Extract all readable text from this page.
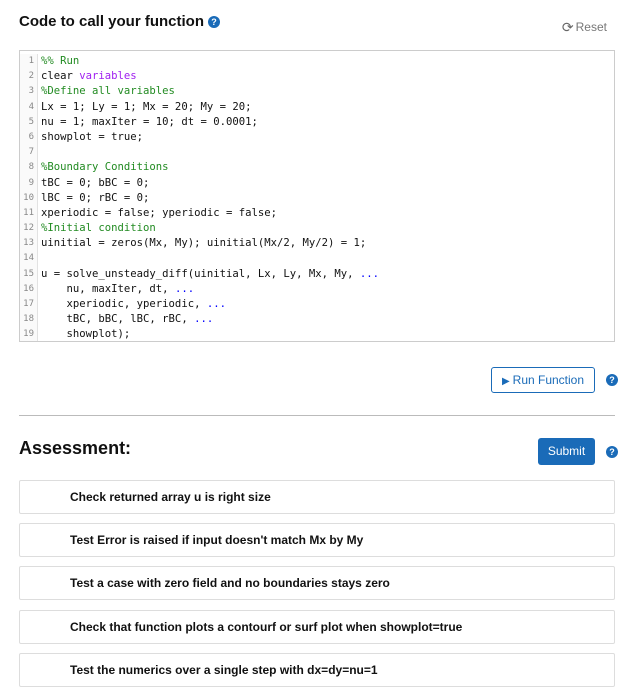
Code to call your function ?	⟳ Reset
1 %% Run
2 clear variables
3 %Define all variables
4 Lx = 1; Ly = 1; Mx = 20; My = 20;
5 nu = 1; maxIter = 10; dt = 0.0001;
6 showplot = true;
7
8 %Boundary Conditions
9 tBC = 0; bBC = 0;
10 lBC = 0; rBC = 0;
11 xperiodic = false; yperiodic = false;
12 %Initial condition
13 uinitial = zeros(Mx, My); uinitial(Mx/2, My/2) = 1;
14
15 u = solve_unsteady_diff(uinitial, Lx, Ly, Mx, My, ...
16 nu, maxIter, dt, ...
17 xperiodic, yperiodic, ...
18 tBC, bBC, lBC, rBC, ...
19 showplot);
▶ Run Function	?
Assessment:	Submit	?
Check returned array u is right size
Test Error is raised if input doesn't match Mx by My
Test a case with zero field and no boundaries stays zero
Check that function plots a contourf or surf plot when showplot=true
Test the numerics over a single step with dx=dy=nu=1
